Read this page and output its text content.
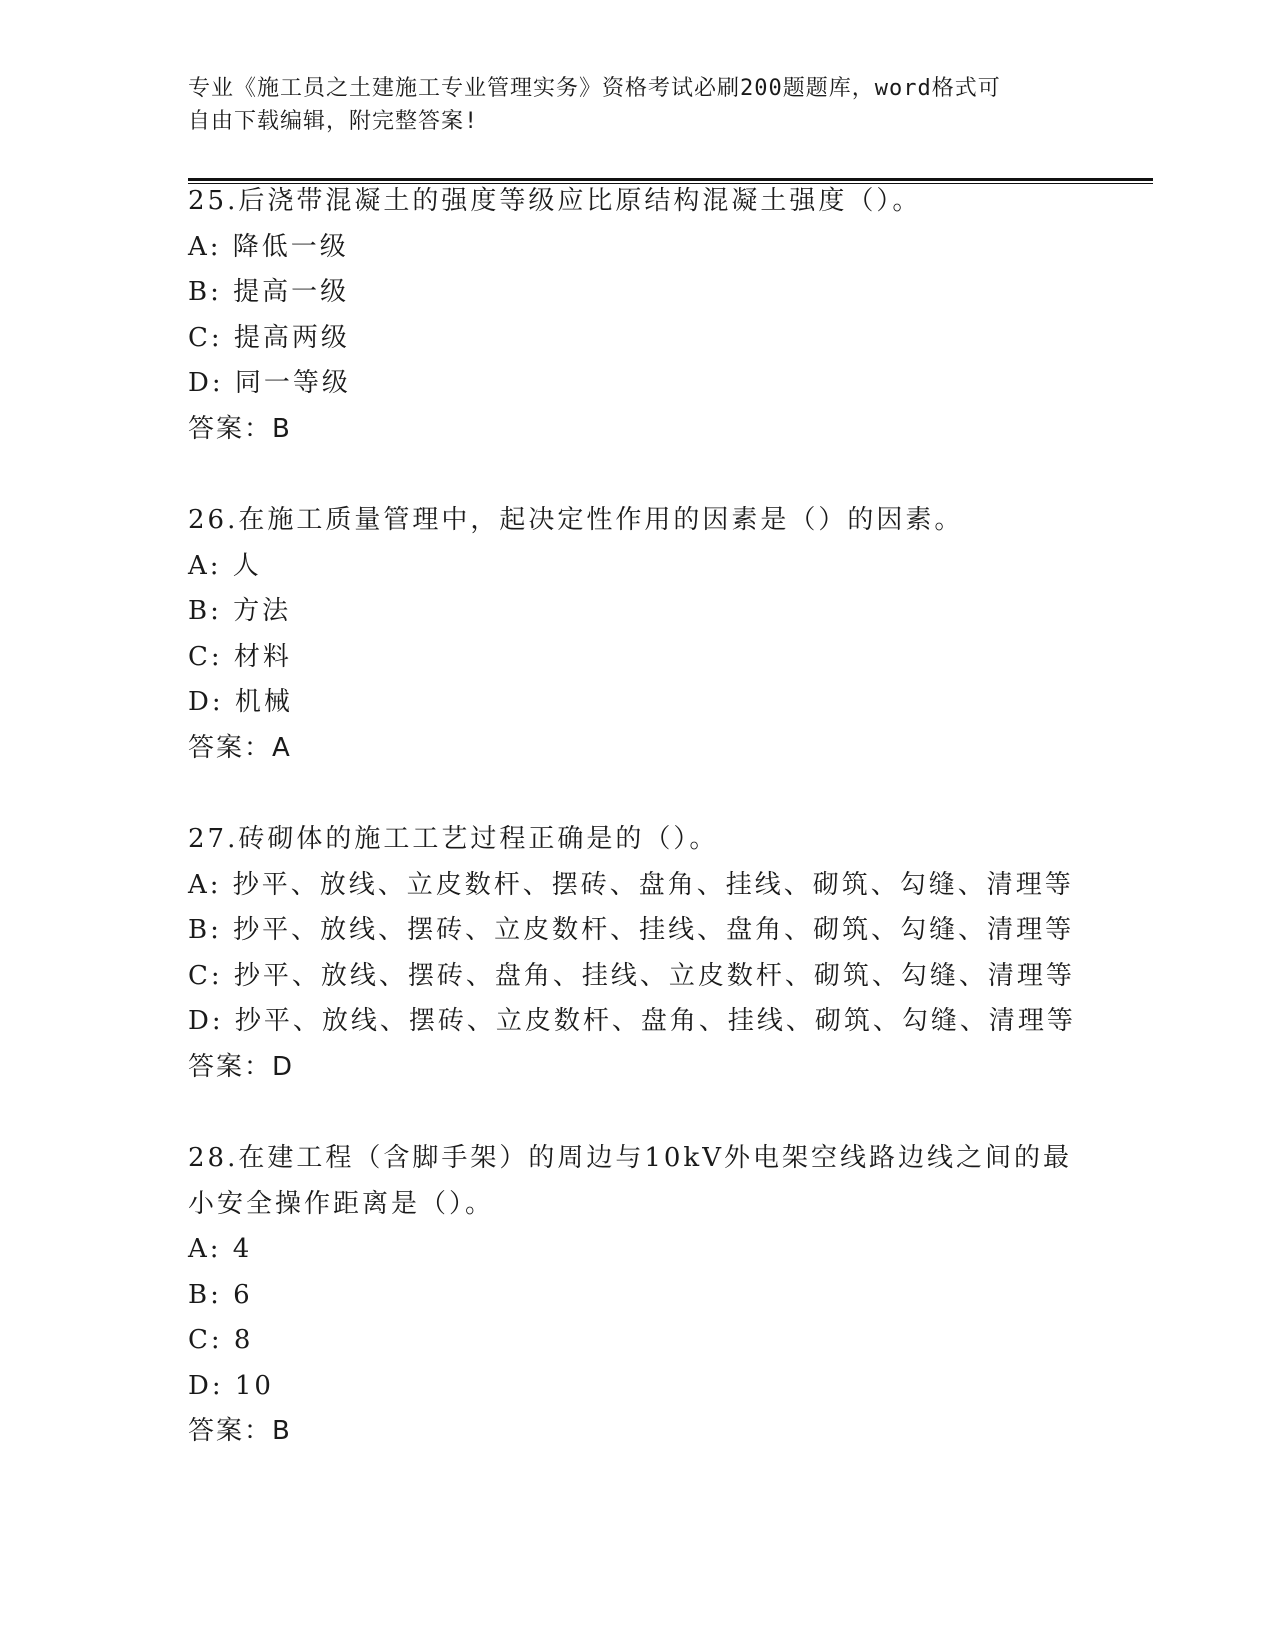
专业《施工员之土建施工专业管理实务》资格考试必刷200题题库，word格式可
自由下载编辑，附完整答案!
25.后浇带混凝土的强度等级应比原结构混凝土强度（）。
A: 降低一级
B: 提高一级
C: 提高两级
D: 同一等级
答案：B
26.在施工质量管理中，起决定性作用的因素是（）的因素。
A: 人
B: 方法
C: 材料
D: 机械
答案：A
27.砖砌体的施工工艺过程正确是的（）。
A: 抄平、放线、立皮数杆、摆砖、盘角、挂线、砌筑、勾缝、清理等
B: 抄平、放线、摆砖、立皮数杆、挂线、盘角、砌筑、勾缝、清理等
C: 抄平、放线、摆砖、盘角、挂线、立皮数杆、砌筑、勾缝、清理等
D: 抄平、放线、摆砖、立皮数杆、盘角、挂线、砌筑、勾缝、清理等
答案：D
28.在建工程（含脚手架）的周边与10kV外电架空线路边线之间的最
小安全操作距离是（）。
A: 4
B: 6
C: 8
D: 10
答案：B
